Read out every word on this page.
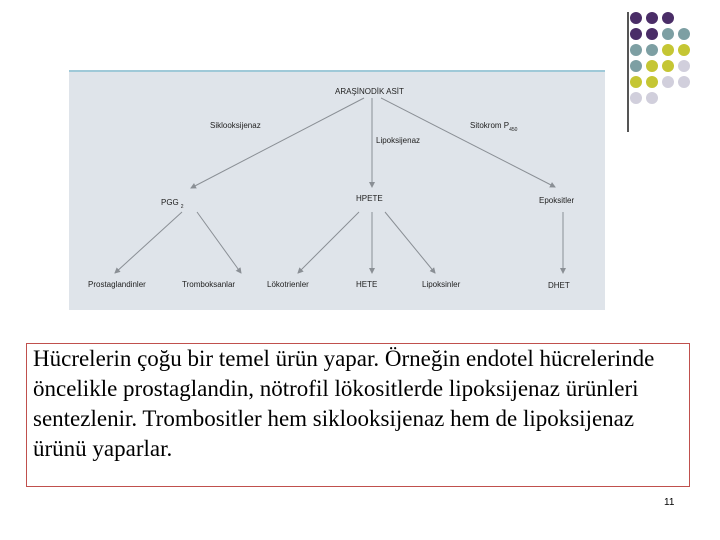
ARAŞİNODİK ASİT
Siklooksijenaz
Lipoksijenaz
Sitokrom $P_{450}$
PGG $_2$
HPETE	Epoksitler
Prostaglandinler	Tromboksanlar	Lökotrienler	HETE	Lipoksinler	DHET

Hücrelerin çoğu bir temel ürün yapar. Örneğin endotel hücrelerinde öncelikle prostaglandin, nötrofil lökositlerde lipoksijenaz ürünleri sentezlenir. Trombositler hem siklooksijenaz hem de lipoksijenaz ürünü yaparlar.

11
